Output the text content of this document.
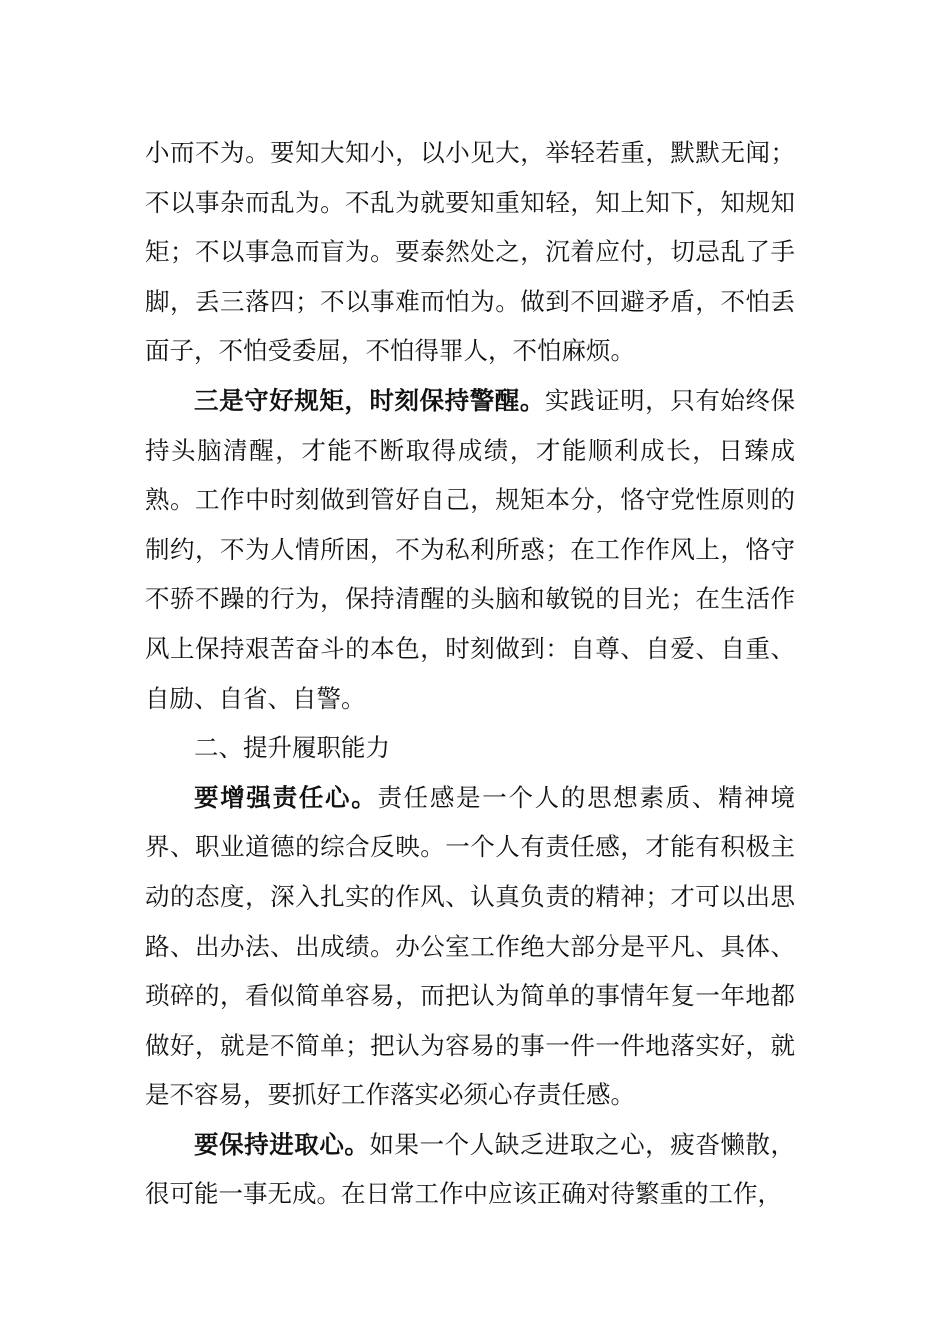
小而不为。要知大知小，以小见大，举轻若重，默默无闻；不以事杂而乱为。不乱为就要知重知轻，知上知下，知规知矩；不以事急而盲为。要泰然处之，沉着应付，切忌乱了手脚，丢三落四；不以事难而怕为。做到不回避矛盾，不怕丢面子，不怕受委屈，不怕得罪人，不怕麻烦。

三是守好规矩，时刻保持警醒。实践证明，只有始终保持头脑清醒，才能不断取得成绩，才能顺利成长，日臻成熟。工作中时刻做到管好自己，规矩本分，恪守党性原则的制约，不为人情所困，不为私利所惑；在工作作风上，恪守不骄不躁的行为，保持清醒的头脑和敏锐的目光；在生活作风上保持艰苦奋斗的本色，时刻做到：自尊、自爱、自重、自励、自省、自警。

二、提升履职能力

要增强责任心。责任感是一个人的思想素质、精神境界、职业道德的综合反映。一个人有责任感，才能有积极主动的态度，深入扎实的作风、认真负责的精神；才可以出思路、出办法、出成绩。办公室工作绝大部分是平凡、具体、琐碎的，看似简单容易，而把认为简单的事情年复一年地都做好，就是不简单；把认为容易的事一件一件地落实好，就是不容易，要抓好工作落实必须心存责任感。

要保持进取心。如果一个人缺乏进取之心，疲沓懒散，很可能一事无成。在日常工作中应该正确对待繁重的工作，
